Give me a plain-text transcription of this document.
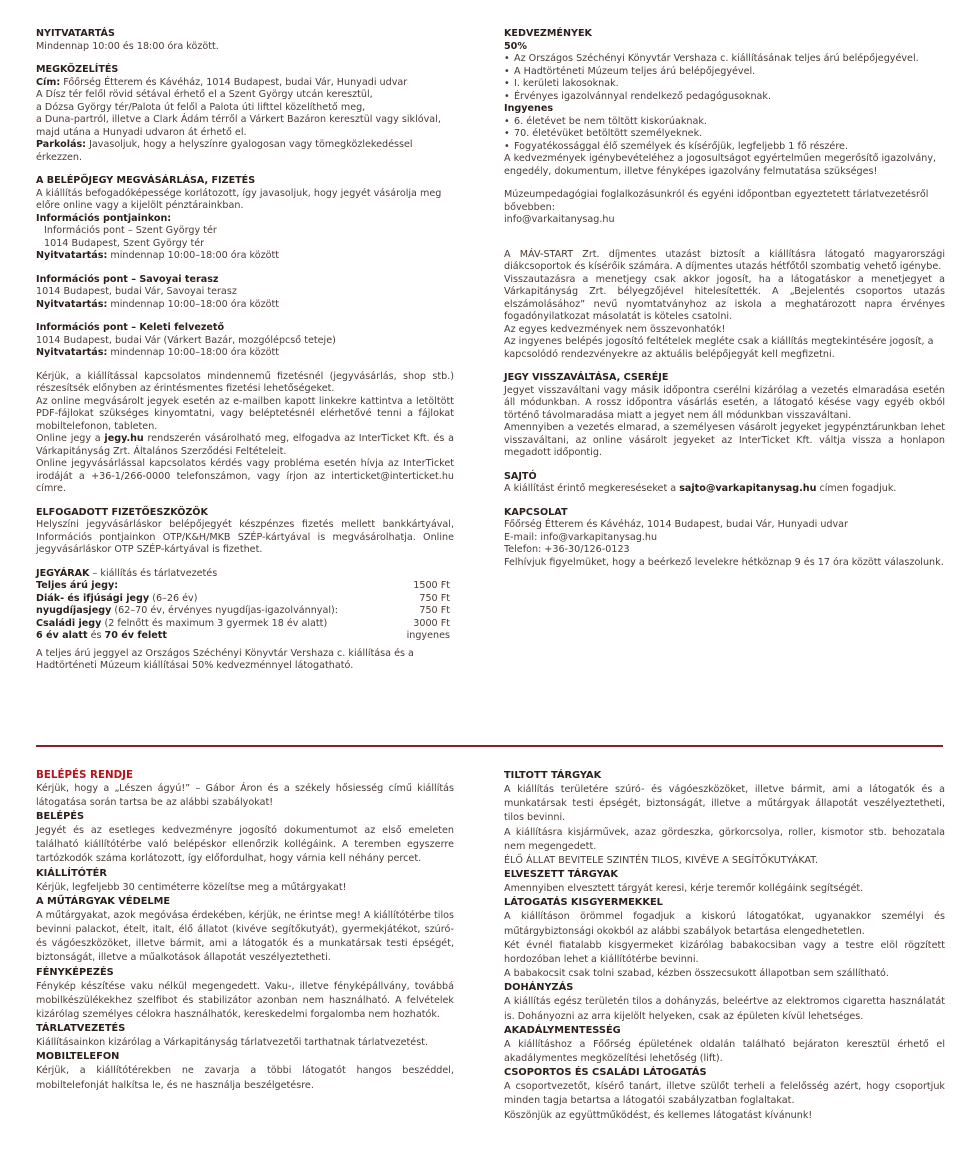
NYITVATARTÁS

Mindennap 10:00 és 18:00 óra között.

MEGKÖZELÍTÉS

Cím: Főőrség Étterem és Kávéház, 1014 Budapest, budai Vár, Hunyadi udvar

A Dísz tér felől rövid sétával érhető el a Szent György utcán keresztül,

a Dózsa György tér/Palota út felől a Palota úti lifttel közelíthető meg,

a Duna-partról, illetve a Clark Ádám térről a Várkert Bazáron keresztül vagy siklóval, majd utána a Hunyadi udvaron át érhető el.

Parkolás: Javasoljuk, hogy a helyszínre gyalogosan vagy tömegközlekedéssel érkezzen.

A BELÉPŐJEGY MEGVÁSÁRLÁSA, FIZETÉS

A kiállítás befogadóképessége korlátozott, így javasoljuk, hogy jegyét vásárolja meg előre online vagy a kijelölt pénztárainkban.

Információs pontjainkon:

Információs pont – Szent György tér

1014 Budapest, Szent György tér

Nyitvatartás: mindennap 10:00–18:00 óra között

Információs pont – Savoyai terasz

1014 Budapest, budai Vár, Savoyai terasz

Nyitvatartás: mindennap 10:00–18:00 óra között

Információs pont – Keleti felvezető

1014 Budapest, budai Vár (Várkert Bazár, mozgólépcső teteje)

Nyitvatartás: mindennap 10:00–18:00 óra között

Kérjük, a kiállítással kapcsolatos mindennemű fizetésnél (jegyvásárlás, shop stb.) részesítsék előnyben az érintésmentes fizetési lehetőségeket.

Az online megvásárolt jegyek esetén az e-mailben kapott linkekre kattintva a letöltött PDF-fájlokat szükséges kinyomtatni, vagy beléptetésnél elérhetővé tenni a fájlokat mobiltelefonon, tableten.

Online jegy a jegy.hu rendszerén vásárolható meg, elfogadva az InterTicket Kft. és a Várkapitányság Zrt. Általános Szerződési Feltételeit.

Online jegyvásárlással kapcsolatos kérdés vagy probléma esetén hívja az InterTicket irodáját a +36-1/266-0000 telefonszámon, vagy írjon az interticket@interticket.hu címre.

ELFOGADOTT FIZETŐESZKÖZÖK

Helyszíni jegyvásárláskor belépőjegyét készpénzes fizetés mellett bankkártyával, Információs pontjainkon OTP/K&H/MKB SZÉP-kártyával is megvásárolhatja. Online jegyvásárláskor OTP SZÉP-kártyával is fizethet.

JEGYÁRAK – kiállítás és tárlatvezetés

Teljes árú jegy:	1500 Ft
Diák- és ifjúsági jegy (6–26 év)	750 Ft
nyugdíjasjegy (62–70 év, érvényes nyugdíjas-igazolvánnyal):	750 Ft
Családi jegy (2 felnőtt és maximum 3 gyermek 18 év alatt)	3000 Ft
6 év alatt és 70 év felett	ingyenes

A teljes árú jeggyel az Országos Széchényi Könyvtár Vershaza c. kiállítása és a Hadtörténeti Múzeum kiállításai 50% kedvezménnyel látogatható.

KEDVEZMÉNYEK

50%

• Az Országos Széchényi Könyvtár Vershaza c. kiállításának teljes árú belépőjegyével.

• A Hadtörténeti Múzeum teljes árú belépőjegyével.

• I. kerületi lakosoknak.

• Érvényes igazolvánnyal rendelkező pedagógusoknak.

Ingyenes

• 6. életévet be nem töltött kiskorúaknak.

• 70. életévüket betöltött személyeknek.

• Fogyatékossággal élő személyek és kísérőjük, legfeljebb 1 fő részére.

A kedvezmények igénybevételéhez a jogosultságot egyértelműen megerősítő igazolvány, engedély, dokumentum, illetve fényképes igazolvány felmutatása szükséges!

Múzeumpedagógiai foglalkozásunkról és egyéni időpontban egyeztetett tárlatvezetésről bővebben:

info@varkaitanysag.hu

A MÁV-START Zrt. díjmentes utazást biztosít a kiállításra látogató magyarországi diákcsoportok és kísérőik számára. A díjmentes utazás hétfőtől szombatig vehető igénybe.

Visszautazásra a menetjegy csak akkor jogosít, ha a látogatáskor a menetjegyet a Várkapitányság Zrt. bélyegzőjével hitelesítették. A „Bejelentés csoportos utazás elszámolásához” nevű nyomtatványhoz az iskola a meghatározott napra érvényes fogadónyilatkozat másolatát is köteles csatolni.

Az egyes kedvezmények nem összevonhatók!

Az ingyenes belépés jogosító feltételek megléte csak a kiállítás megtekintésére jogosít, a kapcsolódó rendezvényekre az aktuális belépőjegyát kell megfizetni.

JEGY VISSZAVÁLTÁSA, CSERÉJE

Jegyet visszaváltani vagy másik időpontra cserélni kizárólag a vezetés elmaradása esetén áll módunkban. A rossz időpontra vásárlás esetén, a látogató késése vagy egyéb okból történő távolmaradása miatt a jegyet nem áll módunkban visszaváltani.

Amennyiben a vezetés elmarad, a személyesen vásárolt jegyeket jegypénztárunkban lehet visszaváltani, az online vásárolt jegyeket az InterTicket Kft. váltja vissza a honlapon megadott időpontig.

SAJTÓ

A kiállítást érintő megkereséseket a sajto@varkapitanysag.hu címen fogadjuk.

KAPCSOLAT

Főőrség Étterem és Kávéház, 1014 Budapest, budai Vár, Hunyadi udvar

E-mail: info@varkapitanysag.hu

Telefon: +36-30/126-0123

Felhívjuk figyelmüket, hogy a beérkező levelekre hétköznap 9 és 17 óra között válaszolunk.

BELÉPÉS RENDJE

Kérjük, hogy a „Lészen ágyú!” – Gábor Áron és a székely hősiesség című kiállítás látogatása során tartsa be az alábbi szabályokat!

BELÉPÉS

Jegyét és az esetleges kedvezményre jogosító dokumentumot az első emeleten található kiállítótérbe való belépéskor ellenőrzik kollégáink. A teremben egyszerre tartózkodók száma korlátozott, így előfordulhat, hogy várnia kell néhány percet.

KIÁLLÍTÓTÉR

Kérjük, legfeljebb 30 centiméterre közelítse meg a műtárgyakat!

A MŰTÁRGYAK VÉDELME

A műtárgyakat, azok megóvása érdekében, kérjük, ne érintse meg! A kiállítótérbe tilos bevinni palackot, ételt, italt, élő állatot (kivéve segítőkutyát), gyermekjátékot, szúró- és vágóeszközöket, illetve bármit, ami a látogatók és a munkatársak testi épségét, biztonságát, illetve a műalkotások állapotát veszélyeztetheti.

FÉNYKÉPEZÉS

Fénykép készítése vaku nélkül megengedett. Vaku-, illetve fényképállvány, továbbá mobilkészülékekhez szelfibot és stabilizátor azonban nem használható. A felvételek kizárólag személyes célokra használhatók, kereskedelmi forgalomba nem hozhatók.

TÁRLATVEZETÉS

Kiállításainkon kizárólag a Várkapitányság tárlatvezetői tarthatnak tárlatvezetést.

MOBILTELEFON

Kérjük, a kiállítótérekben ne zavarja a többi látogatót hangos beszéddel, mobiltelefonját halkítsa le, és ne használja beszélgetésre.

TILTOTT TÁRGYAK

A kiállítás területére szúró- és vágóeszközöket, illetve bármit, ami a látogatók és a munkatársak testi épségét, biztonságát, illetve a műtárgyak állapotát veszélyeztetheti, tilos bevinni.

A kiállításra kisjárművek, azaz gördeszka, görkorcsolya, roller, kismotor stb. behozatala nem megengedett.

ÉLŐ ÁLLAT BEVITELE SZINTÉN TILOS, KIVÉVE A SEGÍTŐKUTYÁKAT.

ELVESZETT TÁRGYAK

Amennyiben elvesztett tárgyát keresi, kérje teremőr kollégáink segítségét.

LÁTOGATÁS KISGYERMEKKEL

A kiállításon örömmel fogadjuk a kiskorú látogatókat, ugyanakkor személyi és műtárgybiztonsági okokból az alábbi szabályok betartása elengedhetetlen.

Két évnél fiatalabb kisgyermeket kizárólag babakocsiban vagy a testre elöl rögzített hordozóban lehet a kiállítótérbe bevinni.

A babakocsit csak tolni szabad, kézben összecsukott állapotban sem szállítható.

DOHÁNYZÁS

A kiállítás egész területén tilos a dohányzás, beleértve az elektromos cigaretta használatát is. Dohányozni az arra kijelölt helyeken, csak az épületen kívül lehetséges.

AKADÁLYMENTESSÉG

A kiállításhoz a Főőrség épületének oldalán található bejáraton keresztül érhető el akadálymentes megközelítési lehetőség (lift).

CSOPORTOS ÉS CSALÁDI LÁTOGATÁS

A csoportvezetőt, kísérő tanárt, illetve szülőt terheli a felelősség azért, hogy csoportjuk minden tagja betartsa a látogatói szabályzatban foglaltakat.

Köszönjük az együttműködést, és kellemes látogatást kívánunk!
